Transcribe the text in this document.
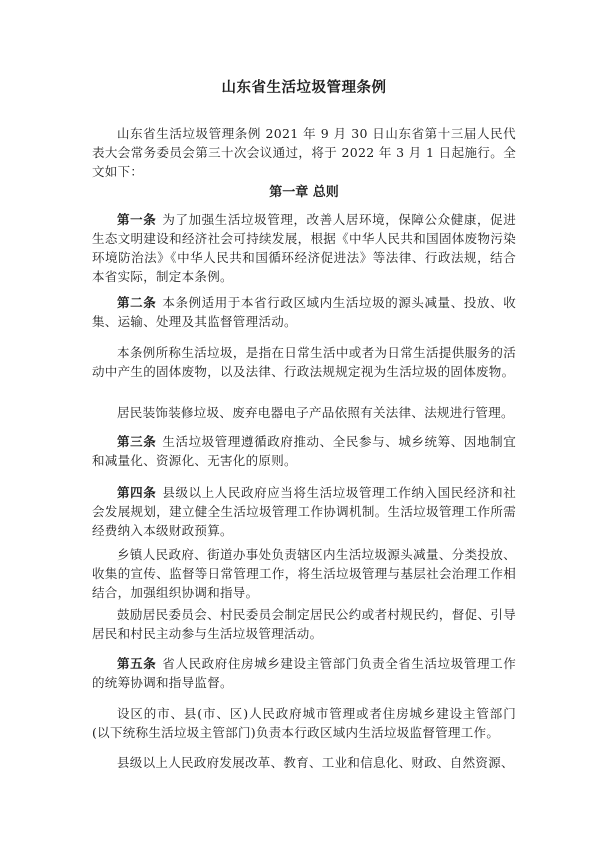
山东省生活垃圾管理条例

山东省生活垃圾管理条例 2021 年 9 月 30 日山东省第十三届人民代表大会常务委员会第三十次会议通过，将于 2022 年 3 月 1 日起施行。全文如下：

第一章 总则

第一条 为了加强生活垃圾管理，改善人居环境，保障公众健康，促进生态文明建设和经济社会可持续发展，根据《中华人民共和国固体废物污染环境防治法》《中华人民共和国循环经济促进法》等法律、行政法规，结合本省实际，制定本条例。

第二条 本条例适用于本省行政区域内生活垃圾的源头减量、投放、收集、运输、处理及其监督管理活动。

本条例所称生活垃圾，是指在日常生活中或者为日常生活提供服务的活动中产生的固体废物，以及法律、行政法规规定视为生活垃圾的固体废物。

居民装饰装修垃圾、废弃电器电子产品依照有关法律、法规进行管理。

第三条 生活垃圾管理遵循政府推动、全民参与、城乡统筹、因地制宜和减量化、资源化、无害化的原则。

第四条 县级以上人民政府应当将生活垃圾管理工作纳入国民经济和社会发展规划，建立健全生活垃圾管理工作协调机制。生活垃圾管理工作所需经费纳入本级财政预算。

乡镇人民政府、街道办事处负责辖区内生活垃圾源头减量、分类投放、收集的宣传、监督等日常管理工作，将生活垃圾管理与基层社会治理工作相结合，加强组织协调和指导。

鼓励居民委员会、村民委员会制定居民公约或者村规民约，督促、引导居民和村民主动参与生活垃圾管理活动。

第五条 省人民政府住房城乡建设主管部门负责全省生活垃圾管理工作的统筹协调和指导监督。

设区的市、县(市、区)人民政府城市管理或者住房城乡建设主管部门(以下统称生活垃圾主管部门)负责本行政区域内生活垃圾监督管理工作。

县级以上人民政府发展改革、教育、工业和信息化、财政、自然资源、
